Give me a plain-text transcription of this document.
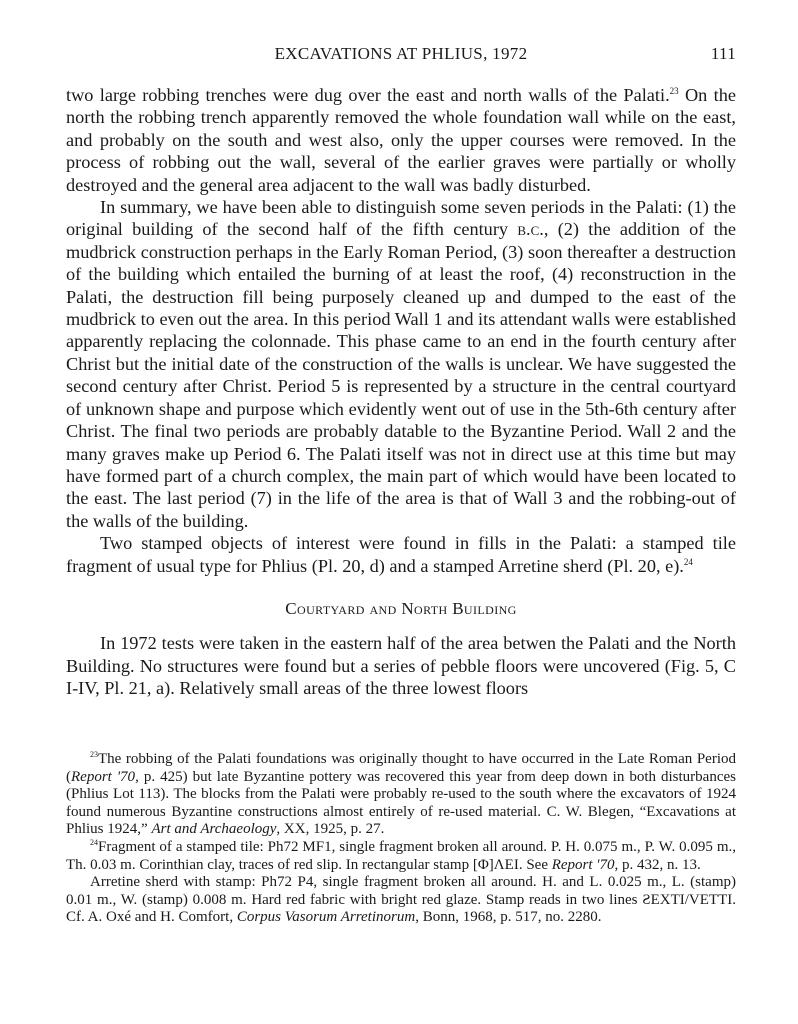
EXCAVATIONS AT PHLIUS, 1972	111

two large robbing trenches were dug over the east and north walls of the Palati.$^{23}$ On the north the robbing trench apparently removed the whole foundation wall while on the east, and probably on the south and west also, only the upper courses were removed. In the process of robbing out the wall, several of the earlier graves were partially or wholly destroyed and the general area adjacent to the wall was badly disturbed.

In summary, we have been able to distinguish some seven periods in the Palati: (1) the original building of the second half of the fifth century b.c., (2) the addition of the mudbrick construction perhaps in the Early Roman Period, (3) soon thereafter a destruction of the building which entailed the burning of at least the roof, (4) reconstruction in the Palati, the destruction fill being purposely cleaned up and dumped to the east of the mudbrick to even out the area. In this period Wall 1 and its attendant walls were established apparently replacing the colonnade. This phase came to an end in the fourth century after Christ but the initial date of the construction of the walls is unclear. We have suggested the second century after Christ. Period 5 is represented by a structure in the central courtyard of unknown shape and purpose which evidently went out of use in the 5th-6th century after Christ. The final two periods are probably datable to the Byzantine Period. Wall 2 and the many graves make up Period 6. The Palati itself was not in direct use at this time but may have formed part of a church complex, the main part of which would have been located to the east. The last period (7) in the life of the area is that of Wall 3 and the robbing-out of the walls of the building.

Two stamped objects of interest were found in fills in the Palati: a stamped tile fragment of usual type for Phlius (Pl. 20, d) and a stamped Arretine sherd (Pl. 20, e).$^{24}$

Courtyard and North Building

In 1972 tests were taken in the eastern half of the area betwen the Palati and the North Building. No structures were found but a series of pebble floors were uncovered (Fig. 5, C I-IV, Pl. 21, a). Relatively small areas of the three lowest floors

$^{23}$The robbing of the Palati foundations was originally thought to have occurred in the Late Roman Period (Report '70, p. 425) but late Byzantine pottery was recovered this year from deep down in both disturbances (Phlius Lot 113). The blocks from the Palati were probably re-used to the south where the excavators of 1924 found numerous Byzantine constructions almost entirely of re-used material. C. W. Blegen, “Excavations at Phlius 1924,” Art and Archaeology, XX, 1925, p. 27.

$^{24}$Fragment of a stamped tile: Ph72 MF1, single fragment broken all around. P. H. 0.075 m., P. W. 0.095 m., Th. 0.03 m. Corinthian clay, traces of red slip. In rectangular stamp [Φ]ΛΕΙ. See Report '70, p. 432, n. 13.

Arretine sherd with stamp: Ph72 P4, single fragment broken all around. H. and L. 0.025 m., L. (stamp) 0.01 m., W. (stamp) 0.008 m. Hard red fabric with bright red glaze. Stamp reads in two lines ƧEXTI/VETTI. Cf. A. Oxé and H. Comfort, Corpus Vasorum Arretinorum, Bonn, 1968, p. 517, no. 2280.
